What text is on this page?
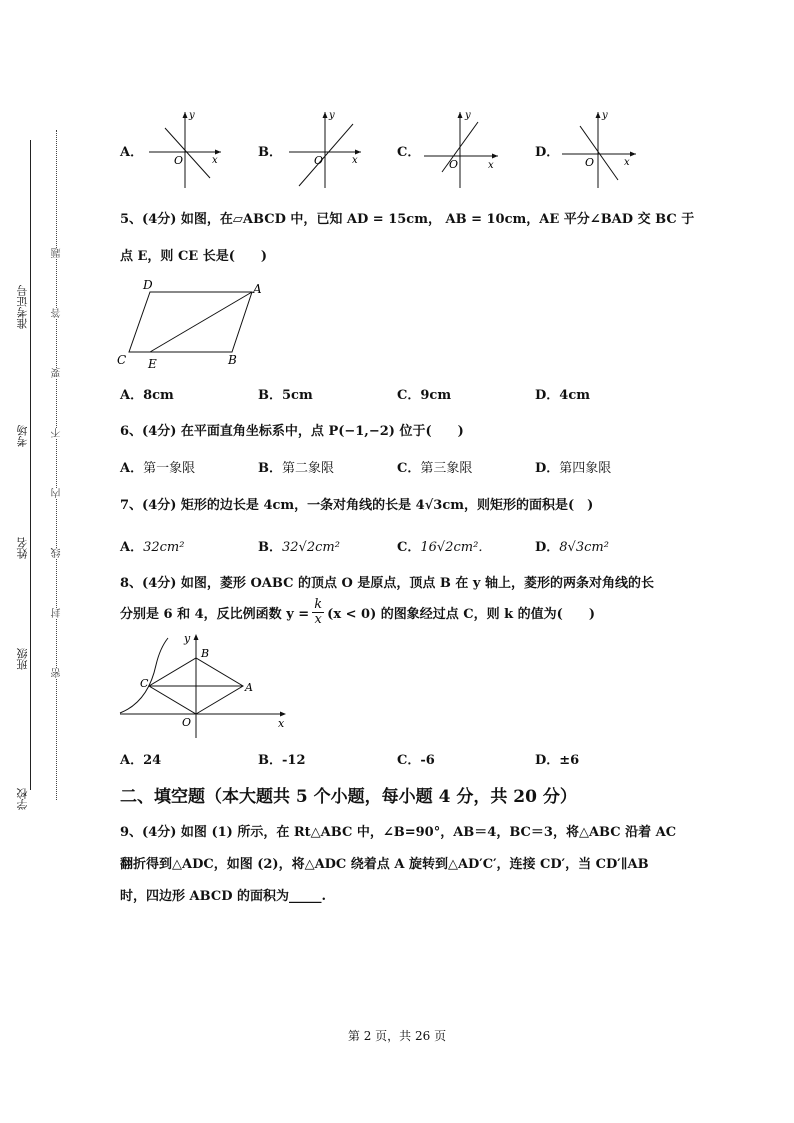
准考证号
考场
姓名
班级
学校
题
答
要
不
内
线
封
密
A．
y
O	x
B．
y
O	x
C．
y
O	x
D．
y
O	x
5、(4分) 如图，在▱ABCD 中，已知 AD = 15cm， AB = 10cm，AE 平分∠BAD 交 BC 于
点 E，则 CE 长是(　　)
D	A
C E	B
A．8cm	B．5cm	C．9cm	D．4cm
6、(4分) 在平面直角坐标系中，点 P(−1,−2) 位于(　　)
A．第一象限	B．第二象限	C．第三象限	D．第四象限
7、(4分) 矩形的边长是 4cm，一条对角线的长是 4√3cm，则矩形的面积是(　)
A．32cm²	B．32√2cm²	C．16√2cm²．	D．8√3cm²
8、(4分) 如图，菱形 OABC 的顶点 O 是原点，顶点 B 在 y 轴上，菱形的两条对角线的长
分别是 6 和 4，反比例函数 y =
k
x (x < 0) 的图象经过点 C，则 k 的值为(　　)
y
B
C	A
O	x
A．24	B．-12	C．-6	D．±6
二、填空题（本大题共 5 个小题，每小题 4 分，共 20 分）
9、(4分) 如图 (1) 所示，在 Rt△ABC 中，∠B=90°，AB＝4，BC＝3，将△ABC 沿着 AC
翻折得到△ADC，如图 (2)，将△ADC 绕着点 A 旋转到△AD′C′，连接 CD′，当 CD′∥AB
时，四边形 ABCD 的面积为_____.
第 2 页，共 26 页
